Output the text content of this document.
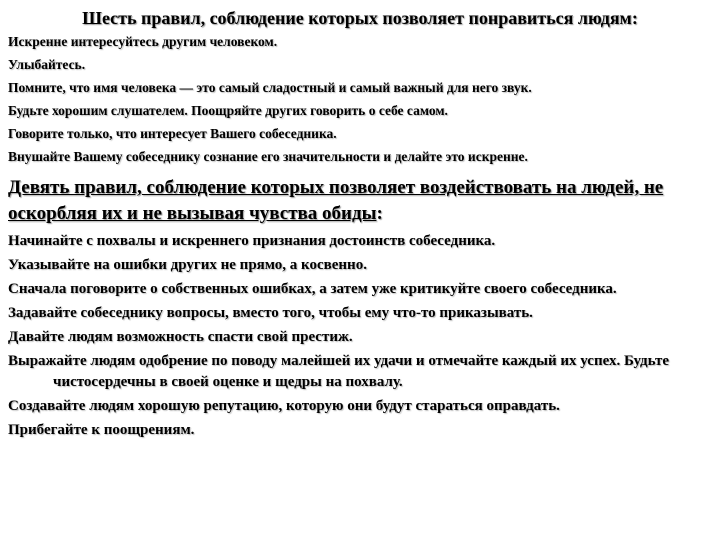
Шесть правил, соблюдение которых позволяет понравиться людям:
Искренне интересуйтесь другим человеком.
Улыбайтесь.
Помните, что имя человека — это самый сладостный и самый важный для него звук.
Будьте хорошим слушателем. Поощряйте других говорить о себе самом.
Говорите только, что интересует Вашего собеседника.
Внушайте Вашему собеседнику сознание его значительности и делайте это искренне.
Девять правил, соблюдение которых позволяет воздействовать на людей, не оскорбляя их и не вызывая чувства обиды:
Начинайте с похвалы и искреннего признания достоинств собеседника.
Указывайте на ошибки других не прямо, а косвенно.
Сначала поговорите о собственных ошибках, а затем уже критикуйте своего собеседника.
Задавайте собеседнику вопросы, вместо того, чтобы ему что-то приказывать.
Давайте людям возможность спасти свой престиж.
Выражайте людям одобрение по поводу малейшей их удачи и отмечайте каждый их успех. Будьте чистосердечны в своей оценке и щедры на похвалу.
Создавайте людям хорошую репутацию, которую они будут стараться оправдать.
Прибегайте к поощрениям.
